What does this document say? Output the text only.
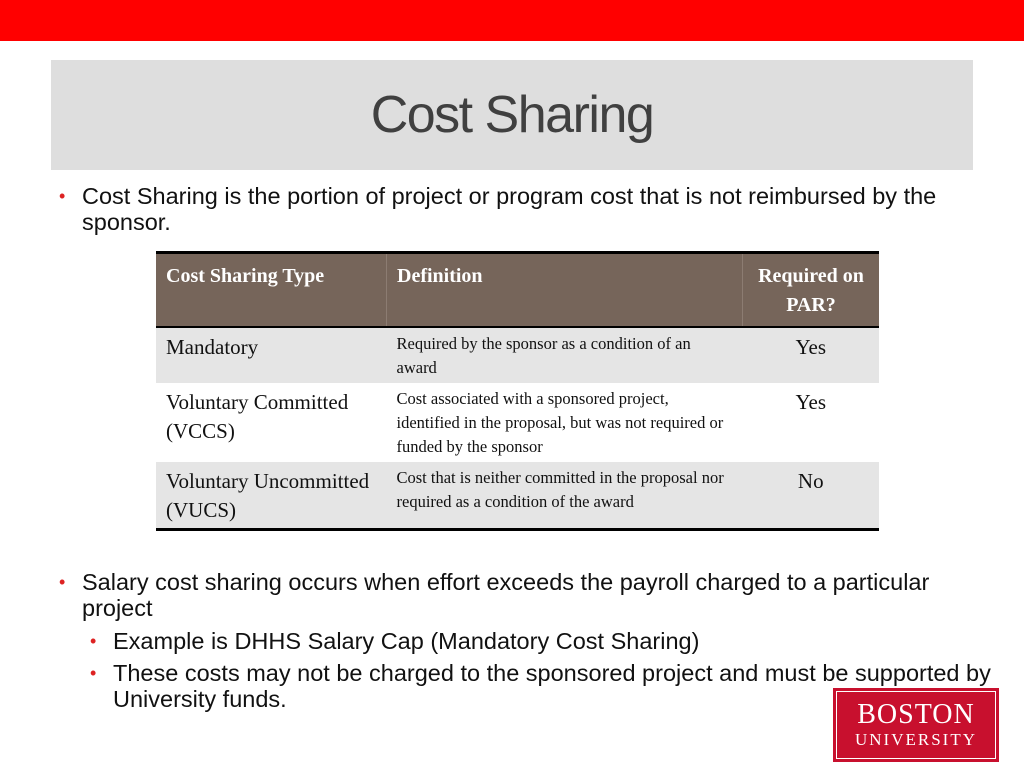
Cost Sharing
• Cost Sharing is the portion of project or program cost that is not reimbursed by the sponsor.
Cost Sharing Type	Definition	Required on PAR?
Mandatory	Required by the sponsor as a condition of an award	Yes
Voluntary Committed (VCCS)	Cost associated with a sponsored project, identified in the proposal, but was not required or funded by the sponsor	Yes
Voluntary Uncommitted (VUCS)	Cost that is neither committed in the proposal nor required as a condition of the award	No
• Salary cost sharing occurs when effort exceeds the payroll charged to a particular project
• Example is DHHS Salary Cap (Mandatory Cost Sharing)
• These costs may not be charged to the sponsored project and must be supported by University funds.	BOSTON
UNIVERSITY
